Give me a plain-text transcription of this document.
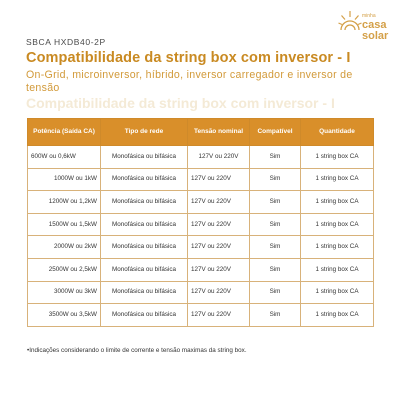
SBCA HXDB40-2P
minha
casa
solar
Compatibilidade da string box com inversor - I

On-Grid, microinversor, híbrido, inversor carregador e inversor de tensão

Compatibilidade da string box com inversor - I
Potência (Saída CA)	Tipo de rede	Tensão nominal	Compatível	Quantidade
600W ou 0,6kW	Monofásica ou bifásica	127V ou 220V	Sim	1 string box CA
1000W ou 1kW	Monofásica ou bifásica	127V ou 220V	Sim	1 string box CA
1200W ou 1,2kW	Monofásica ou bifásica	127V ou 220V	Sim	1 string box CA
1500W ou 1,5kW	Monofásica ou bifásica	127V ou 220V	Sim	1 string box CA
2000W ou 2kW	Monofásica ou bifásica	127V ou 220V	Sim	1 string box CA
2500W ou 2,5kW	Monofásica ou bifásica	127V ou 220V	Sim	1 string box CA
3000W ou 3kW	Monofásica ou bifásica	127V ou 220V	Sim	1 string box CA
3500W ou 3,5kW	Monofásica ou bifásica	127V ou 220V	Sim	1 string box CA

•Indicações considerando o limite de corrente e tensão maximas da string box.
